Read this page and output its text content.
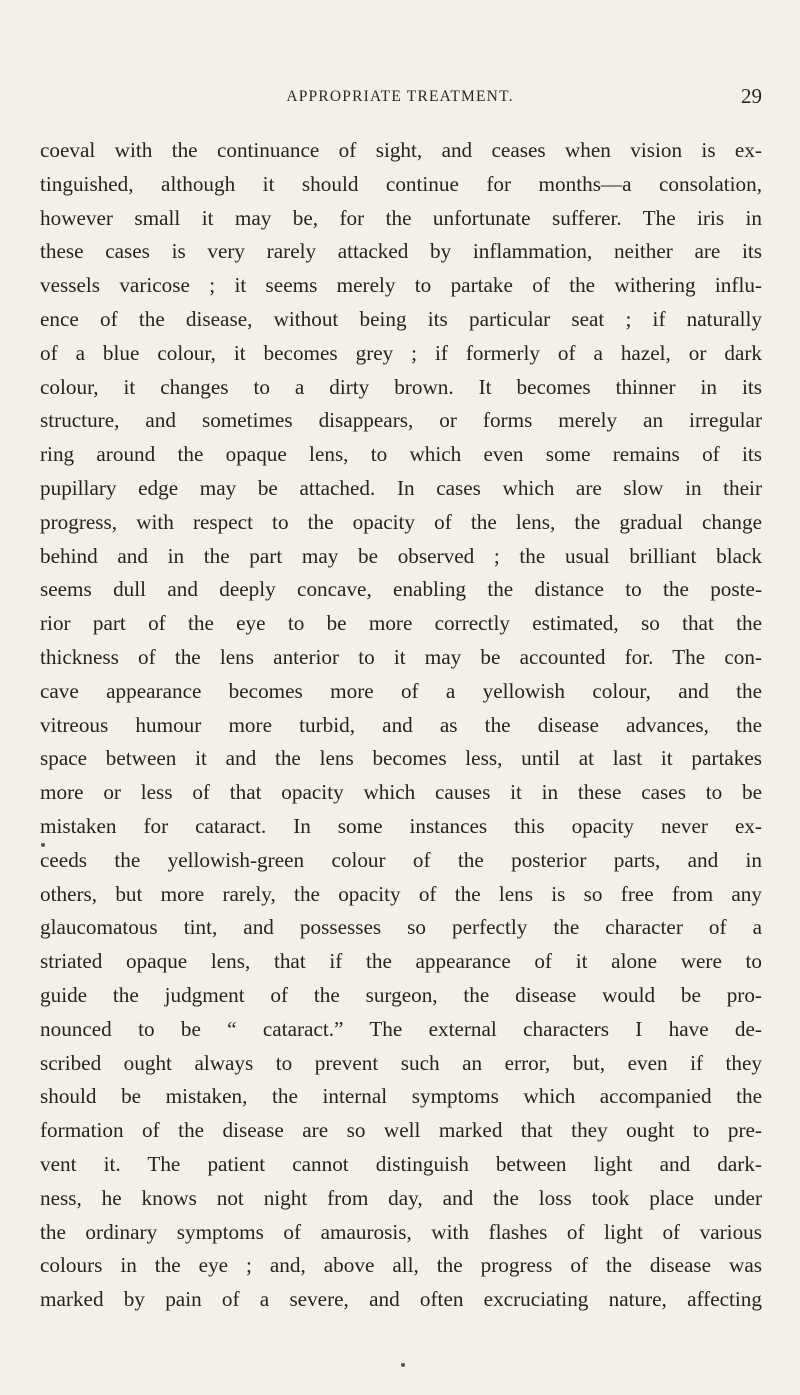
APPROPRIATE TREATMENT.	29
coeval with the continuance of sight, and ceases when vision is ex-
tinguished, although it should continue for months—a consolation,
however small it may be, for the unfortunate sufferer. The iris in
these cases is very rarely attacked by inflammation, neither are its
vessels varicose ; it seems merely to partake of the withering influ-
ence of the disease, without being its particular seat ; if naturally
of a blue colour, it becomes grey ; if formerly of a hazel, or dark
colour, it changes to a dirty brown. It becomes thinner in its
structure, and sometimes disappears, or forms merely an irregular
ring around the opaque lens, to which even some remains of its
pupillary edge may be attached. In cases which are slow in their
progress, with respect to the opacity of the lens, the gradual change
behind and in the part may be observed ; the usual brilliant black
seems dull and deeply concave, enabling the distance to the poste-
rior part of the eye to be more correctly estimated, so that the
thickness of the lens anterior to it may be accounted for. The con-
cave appearance becomes more of a yellowish colour, and the
vitreous humour more turbid, and as the disease advances, the
space between it and the lens becomes less, until at last it partakes
more or less of that opacity which causes it in these cases to be
mistaken for cataract. In some instances this opacity never ex-
ceeds the yellowish-green colour of the posterior parts, and in
others, but more rarely, the opacity of the lens is so free from any
glaucomatous tint, and possesses so perfectly the character of a
striated opaque lens, that if the appearance of it alone were to
guide the judgment of the surgeon, the disease would be pro-
nounced to be “ cataract.” The external characters I have de-
scribed ought always to prevent such an error, but, even if they
should be mistaken, the internal symptoms which accompanied the
formation of the disease are so well marked that they ought to pre-
vent it. The patient cannot distinguish between light and dark-
ness, he knows not night from day, and the loss took place under
the ordinary symptoms of amaurosis, with flashes of light of various
colours in the eye ; and, above all, the progress of the disease was
marked by pain of a severe, and often excruciating nature, affecting
